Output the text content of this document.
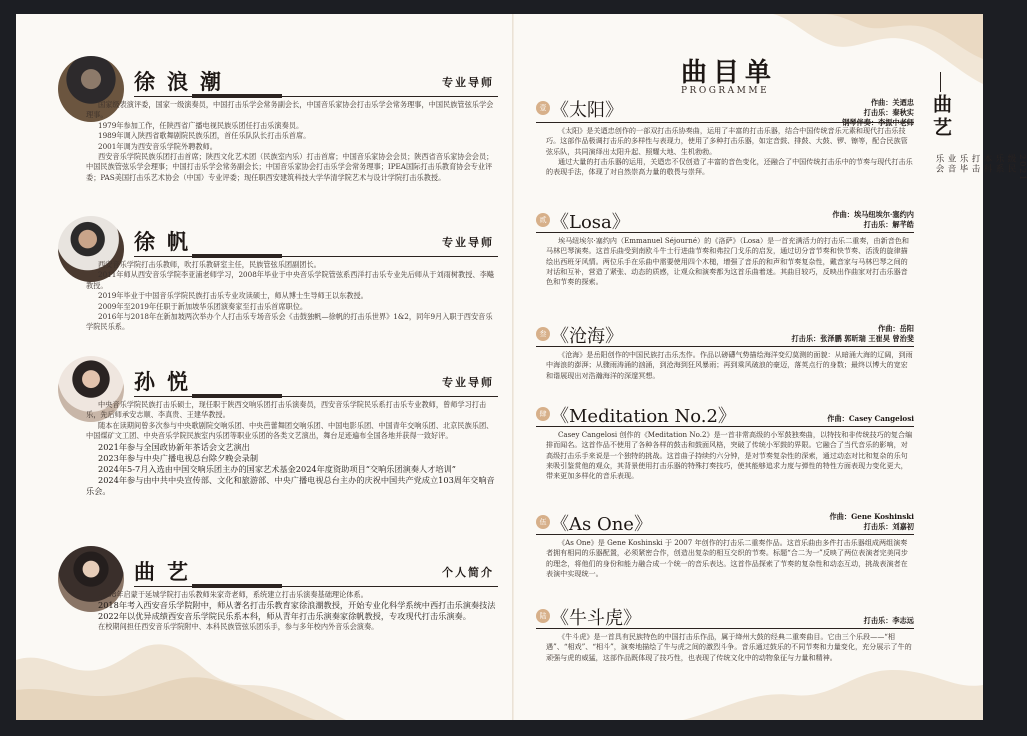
徐浪潮	专业导师

国家级表演评委，国家一级演奏员，中国打击乐学会常务副会长，中国音乐家协会打击乐学会常务理事，中国民族管弦乐学会理事。

1979年参加工作，任陕西省广播电视民族乐团任打击乐演奏员。

1989年调入陕西省歌舞剧院民族乐团，首任乐队队长打击乐首席。

2001年调为西安音乐学院外聘教师。

西安音乐学院民族乐团打击首席；陕西文化艺术团（民族室内乐）打击首席；中国音乐家协会会员；陕西省音乐家协会会员；中国民族管弦乐学会理事；中国打击乐学会常务副会长；中国音乐家协会打击乐学会常务理事；IPEA国际打击乐教育协会专业评委；PAS美国打击乐艺术协会（中国）专业评委；现任职西安建筑科技大学华清学院艺术与设计学院打击乐教授。

徐帆	专业导师

西安音乐学院打击乐教师，吹打乐教研室主任，民族管弦乐团副团长。

2011年师从西安音乐学院李亚浦老师学习，2008年毕业于中央音乐学院管弦系西洋打击乐专业先后师从于刘雨树教授、李飚教授。

2019年毕业于中国音乐学院民族打击乐专业攻读硕士，师从博士生导师王以东教授。

2009年至2019年任职于新加坡华乐团演奏家至打击乐首席职位。

2016年与2018年在新加坡两次举办个人打击乐专场音乐会《击鼓独帆—徐帆的打击乐世界》1&2，同年9月入职于西安音乐学院民乐系。

孙悦	专业导师

中央音乐学院民族打击乐硕士，现任职于陕西交响乐团打击乐演奏员，西安音乐学院民乐系打击乐专业教师，曾师学习打击乐，先后师承安志顺、李真贵、王建华教授。

随本在读期间曾多次参与中央歌剧院交响乐团、中央芭蕾舞团交响乐团、中国电影乐团、中国青年交响乐团、北京民族乐团、中国煤矿文工团、中央音乐学院民族室内乐团等职业乐团的各类文艺演出，舞台足迹遍布全国各地并获得一致好评。

2021年参与全国政协新年茶话会文艺演出

2023年参与中央广播电视总台除夕晚会录制

2024年5-7月入选由中国交响乐团主办的国家艺术基金2024年度资助项目“交响乐团演奏人才培训”

2024年参与由中共中央宣传部、文化和旅游部、中央广播电视总台主办的庆祝中国共产党成立103周年交响音乐会。

曲艺	个人简介

2008年启蒙于延城学院打击乐教师朱家奇老师，系统建立打击乐演奏基础理论体系。

2018年考入西安音乐学院附中，师从著名打击乐教育家徐浪潮教授，开始专业化科学系统中西打击乐演奏技法

2022年以优异成绩西安音乐学院民乐系本科，师从青年打击乐演奏家徐帆教授，专攻现代打击乐演奏。

在校期间担任西安音乐学院附中、本科民族管弦乐团乐手，参与多年校内外音乐会演奏。

曲目单
PROGRAMME
曲艺
2021级民乐系本科打击乐毕业音乐会
壹 《太阳》	作曲：关迺忠
打击乐：秦秋实
钢琴伴奏：李振中老师

《太阳》是关迺忠创作的一部双打击乐协奏曲，运用了丰富的打击乐器，结合中国传统音乐元素和现代打击乐技巧。这部作品极调打击乐的多样性与表现力，使用了多种打击乐器，如定音鼓、排鼓、大鼓、锣、镲等，配合民族管弦乐队，共同演绎出太阳升起、照耀大地、生机勃勃。

通过大量的打击乐器的运用，关迺忠不仅创造了丰富的音色变化，还融合了中国传统打击乐中的节奏与现代打击乐的表现手法，体现了对自然崇高力量的敬畏与崇拜。

贰 《Losa》	作曲：埃马纽埃尔·塞约内
打击乐：解芊皓

埃马纽埃尔·塞约内（Emmanuel Séjourné）的《洛萨》（Losa）是一首充满活力的打击乐二重奏，由新音色和马林巴琴演奏。这首乐曲受到南欧斗牛士行进曲节奏和弗拉门戈乐的启发，通过切分音节奏和快节奏、活泼的旋律描绘出西班牙风情。两位乐手在乐曲中需要使用四个木槌，增强了音乐的和声和节奏复杂性，戴音家与马林巴琴之间的对话和互补，营造了紧张、动态的质感，让观众和演奏都为这首乐曲着迷。其曲目较巧，反映出作曲家对打击乐器音色和节奏的探索。

叁 《沧海》	作曲：岳阳
打击乐：张泽鹏 郭昕瑞 王崔昊 曾治斐

《沧海》是岳阳创作的中国民族打击乐杰作。作品以磅礴气势描绘海洋变幻莫测的面貌：从暗涌大海的辽阔，到雨中海浪的澎湃；从骤雨涛涌的汹涌，到沧海到狂风暴雨；再到乘风破浪的豪迈，落英点行的身数；最终以博大的宽宏和谐展现出对浩瀚海洋的深邃冥想。

肆 《Meditation No.2》	作曲：Casey Cangelosi

Casey Cangelosi 创作的《Meditation No.2》是一首非常高级的小军鼓独奏曲，以特技和非传统技巧的复合编排而闻名。这首作品不使用了各种各样的鼓击和鼓面风格，突破了传统小军鼓的界限。它融合了当代音乐的影响，对高级打击乐手来说是一个独特的挑战。这首曲子持续约六分钟，是对节奏复杂性的深索，通过动态对比和复杂的乐句来吸引鉴赏他的观众，其背景使用打击乐器的特殊打奏技巧，使其能够追求力度与弹性的特性方面表现力变化更大，带来更加多样化的音乐表现。

伍 《As One》	作曲：Gene Koshinski
打击乐：刘嘉初

《As One》是 Gene Koshinski 于 2007 年创作的打击乐二重奏作品。这首乐曲由多件打击乐器组成两组演奏者拥有相同的乐器配置，必须紧密合作，创造出复杂的相互交织的节奏。标题“合二为一”反映了两位表演者完美同步的理念，将他们的身份和能力融合成一个统一的音乐表达。这首作品探索了节奏的复杂性和动态互动，挑战表演者在表演中实现统一。

陆 《牛斗虎》	打击乐：李志远

《牛斗虎》是一首具有民族特色的中国打击乐作品，属于绛州大鼓的经典二重奏曲目。它由三个乐段——“相遇”、“相戏”、“相斗”，演奏地描绘了牛与虎之间的激烈斗争。音乐通过鼓乐的不同节奏和力量变化，充分展示了牛的顽强与虎的威猛，这部作品既体现了技巧性，也表现了传统文化中的动物象征与力量和精神。
